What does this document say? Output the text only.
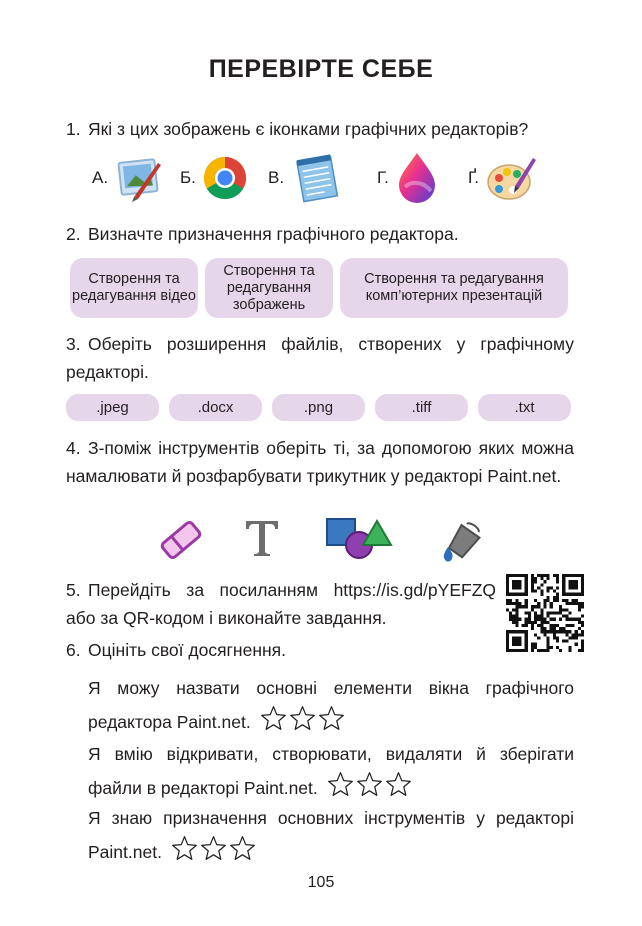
ПЕРЕВІРТЕ СЕБЕ
1. Які з цих зображень є іконками графічних редакторів?
А.	Б.	В.	Г.	Ґ.
2. Визначте призначення графічного редактора.
Створення та редагування відео
Створення та редагування зображень
Створення та редагування комп’ютерних презентацій
3. Оберіть розширення файлів, створених у графічному редакторі.
.jpeg	.docx	.png	.tiff	.txt
4. З-поміж інструментів оберіть ті, за допомогою яких можна намалювати й розфарбувати трикутник у редакторі Paint.net.
5. Перейдіть за посиланням https://is.gd/pYEFZQ або за QR-кодом і виконайте завдання.
6. Оцініть свої досягнення.
Я можу назвати основні елементи вікна графічного редактора Paint.net.
Я вмію відкривати, створювати, видаляти й зберігати файли в редакторі Paint.net.
Я знаю призначення основних інструментів у редакторі Paint.net.
105
